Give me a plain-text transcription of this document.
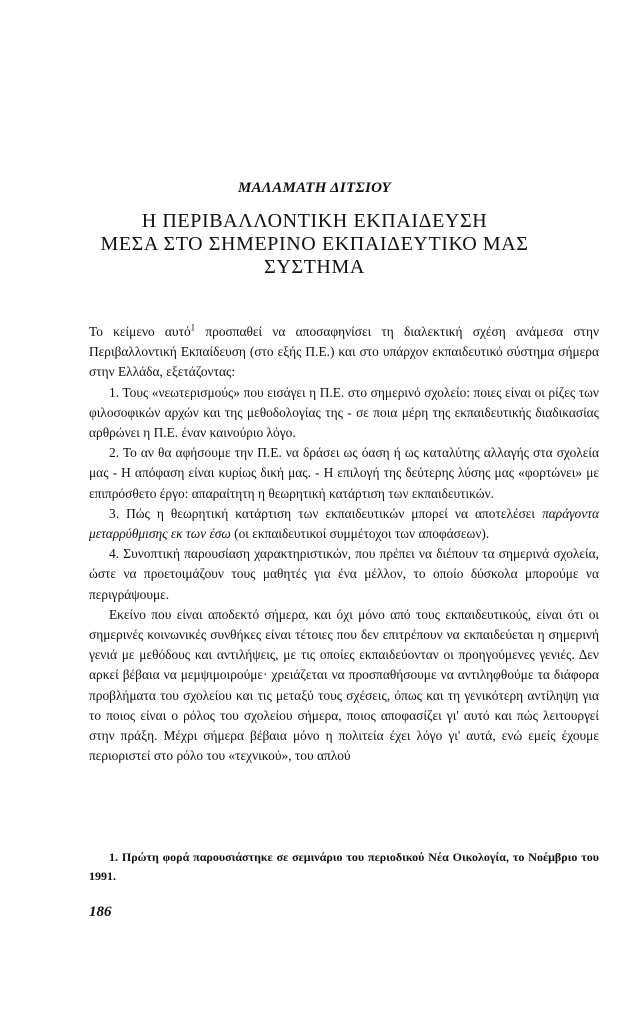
ΜΑΛΑΜΑΤΗ ΔΙΤΣΙΟΥ
Η ΠΕΡΙΒΑΛΛΟΝΤΙΚΗ ΕΚΠΑΙΔΕΥΣΗ
ΜΕΣΑ ΣΤΟ ΣΗΜΕΡΙΝΟ ΕΚΠΑΙΔΕΥΤΙΚΟ ΜΑΣ
ΣΥΣΤΗΜΑ

Το κείμενο αυτό$^1$ προσπαθεί να αποσαφηνίσει τη διαλεκτική σχέση ανάμεσα στην Περιβαλλοντική Εκπαίδευση (στο εξής Π.Ε.) και στο υπάρχον εκπαιδευτικό σύστημα σήμερα στην Ελλάδα, εξετάζοντας:

1. Τους «νεωτερισμούς» που εισάγει η Π.Ε. στο σημερινό σχολείο: ποιες είναι οι ρίζες των φιλοσοφικών αρχών και της μεθοδολογίας της - σε ποια μέρη της εκπαιδευτικής διαδικασίας αρθρώνει η Π.Ε. έναν καινούριο λόγο.

2. Το αν θα αφήσουμε την Π.Ε. να δράσει ως όαση ή ως καταλύτης αλλαγής στα σχολεία μας - Η απόφαση είναι κυρίως δική μας. - Η επιλογή της δεύτερης λύσης μας «φορτώνει» με επιπρόσθετο έργο: απαραίτητη η θεωρητική κατάρτιση των εκπαιδευτικών.

3. Πώς η θεωρητική κατάρτιση των εκπαιδευτικών μπορεί να αποτελέσει παράγοντα μεταρρύθμισης εκ των έσω (οι εκπαιδευτικοί συμμέτοχοι των αποφάσεων).

4. Συνοπτική παρουσίαση χαρακτηριστικών, που πρέπει να διέπουν τα σημερινά σχολεία, ώστε να προετοιμάζουν τους μαθητές για ένα μέλλον, το οποίο δύσκολα μπορούμε να περιγράψουμε.

Εκείνο που είναι αποδεκτό σήμερα, και όχι μόνο από τους εκπαιδευτικούς, είναι ότι οι σημερινές κοινωνικές συνθήκες είναι τέτοιες που δεν επιτρέπουν να εκπαιδεύεται η σημερινή γενιά με μεθόδους και αντιλήψεις, με τις οποίες εκπαιδεύονταν οι προηγούμενες γενιές. Δεν αρκεί βέβαια να μεμψιμοιρούμε· χρειάζεται να προσπαθήσουμε να αντιληφθούμε τα διάφορα προβλήματα του σχολείου και τις μεταξύ τους σχέσεις, όπως και τη γενικότερη αντίληψη για το ποιος είναι ο ρόλος του σχολείου σήμερα, ποιος αποφασίζει γι' αυτό και πώς λειτουργεί στην πράξη. Μέχρι σήμερα βέβαια μόνο η πολιτεία έχει λόγο γι' αυτά, ενώ εμείς έχουμε περιοριστεί στο ρόλο του «τεχνικού», του απλού

1. Πρώτη φορά παρουσιάστηκε σε σεμινάριο του περιοδικού Νέα Οικολογία, το Νοέμβριο του 1991.
186
